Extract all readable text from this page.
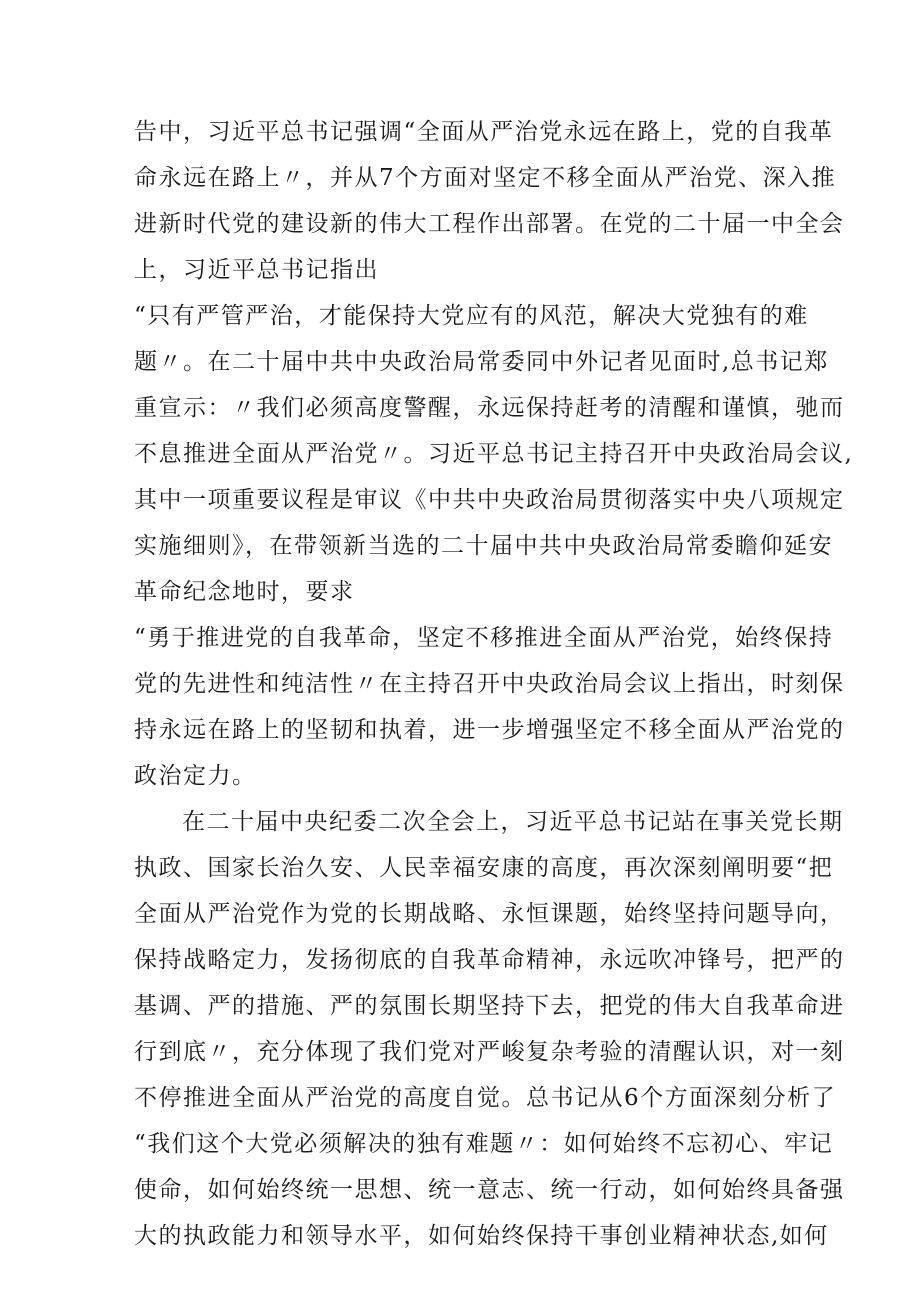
告中，习近平总书记强调“全面从严治党永远在路上，党的自我革
命永远在路上〃，并从7个方面对坚定不移全面从严治党、深入推
进新时代党的建设新的伟大工程作出部署。在党的二十届一中全会
上，习近平总书记指出
“只有严管严治，才能保持大党应有的风范，解决大党独有的难
题〃。在二十届中共中央政治局常委同中外记者见面时,总书记郑
重宣示：〃我们必须高度警醒，永远保持赶考的清醒和谨慎，驰而
不息推进全面从严治党〃。习近平总书记主持召开中央政治局会议,
其中一项重要议程是审议《中共中央政治局贯彻落实中央八项规定
实施细则》，在带领新当选的二十届中共中央政治局常委瞻仰延安
革命纪念地时，要求
“勇于推进党的自我革命，坚定不移推进全面从严治党，始终保持
党的先进性和纯洁性〃在主持召开中央政治局会议上指出，时刻保
持永远在路上的坚韧和执着，进一步增强坚定不移全面从严治党的
政治定力。
在二十届中央纪委二次全会上，习近平总书记站在事关党长期
执政、国家长治久安、人民幸福安康的高度，再次深刻阐明要“把
全面从严治党作为党的长期战略、永恒课题，始终坚持问题导向，
保持战略定力，发扬彻底的自我革命精神，永远吹冲锋号，把严的
基调、严的措施、严的氛围长期坚持下去，把党的伟大自我革命进
行到底〃，充分体现了我们党对严峻复杂考验的清醒认识，对一刻
不停推进全面从严治党的高度自觉。总书记从6个方面深刻分析了
“我们这个大党必须解决的独有难题〃：如何始终不忘初心、牢记
使命，如何始终统一思想、统一意志、统一行动，如何始终具备强
大的执政能力和领导水平，如何始终保持干事创业精神状态,如何
